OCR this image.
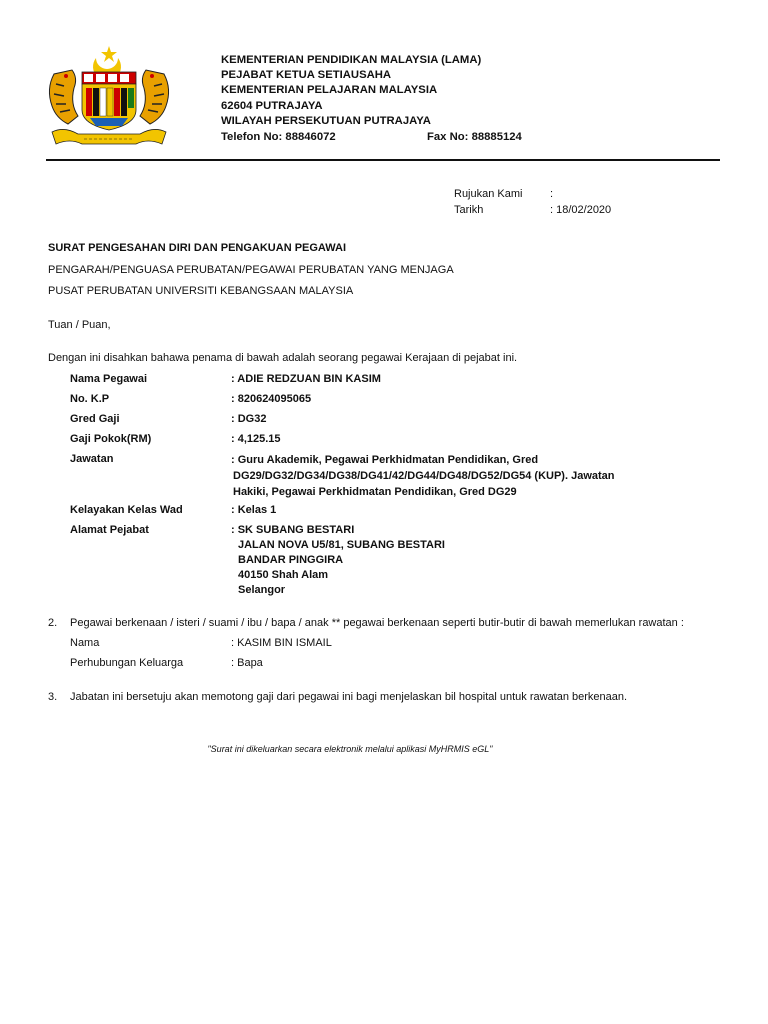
KEMENTERIAN PENDIDIKAN MALAYSIA (LAMA)
PEJABAT KETUA SETIAUSAHA
KEMENTERIAN PELAJARAN MALAYSIA
62604 PUTRAJAYA
WILAYAH PERSEKUTUAN PUTRAJAYA
Telefon No: 88846072	Fax No: 88885124
Rujukan Kami	:
Tarikh	: 18/02/2020
SURAT PENGESAHAN DIRI DAN PENGAKUAN PEGAWAI
PENGARAH/PENGUASA PERUBATAN/PEGAWAI PERUBATAN YANG MENJAGA
PUSAT PERUBATAN UNIVERSITI KEBANGSAAN MALAYSIA
Tuan / Puan,
Dengan ini disahkan bahawa penama di bawah adalah seorang pegawai Kerajaan di pejabat ini.
Nama Pegawai	: ADIE REDZUAN BIN KASIM
No. K.P	: 820624095065
Gred Gaji	: DG32
Gaji Pokok(RM)	: 4,125.15
Jawatan	: Guru Akademik, Pegawai Perkhidmatan Pendidikan, Gred
DG29/DG32/DG34/DG38/DG41/42/DG44/DG48/DG52/DG54 (KUP). Jawatan
Hakiki, Pegawai Perkhidmatan Pendidikan, Gred DG29
Kelayakan Kelas Wad	: Kelas 1
Alamat Pejabat	: SK SUBANG BESTARI
JALAN NOVA U5/81, SUBANG BESTARI
BANDAR PINGGIRA
40150 Shah Alam
Selangor
2. Pegawai berkenaan / isteri / suami / ibu / bapa / anak ** pegawai berkenaan seperti butir-butir di bawah memerlukan rawatan :
Nama	: KASIM BIN ISMAIL
Perhubungan Keluarga	: Bapa
3. Jabatan ini bersetuju akan memotong gaji dari pegawai ini bagi menjelaskan bil hospital untuk rawatan berkenaan.
"Surat ini dikeluarkan secara elektronik melalui aplikasi MyHRMIS eGL"
